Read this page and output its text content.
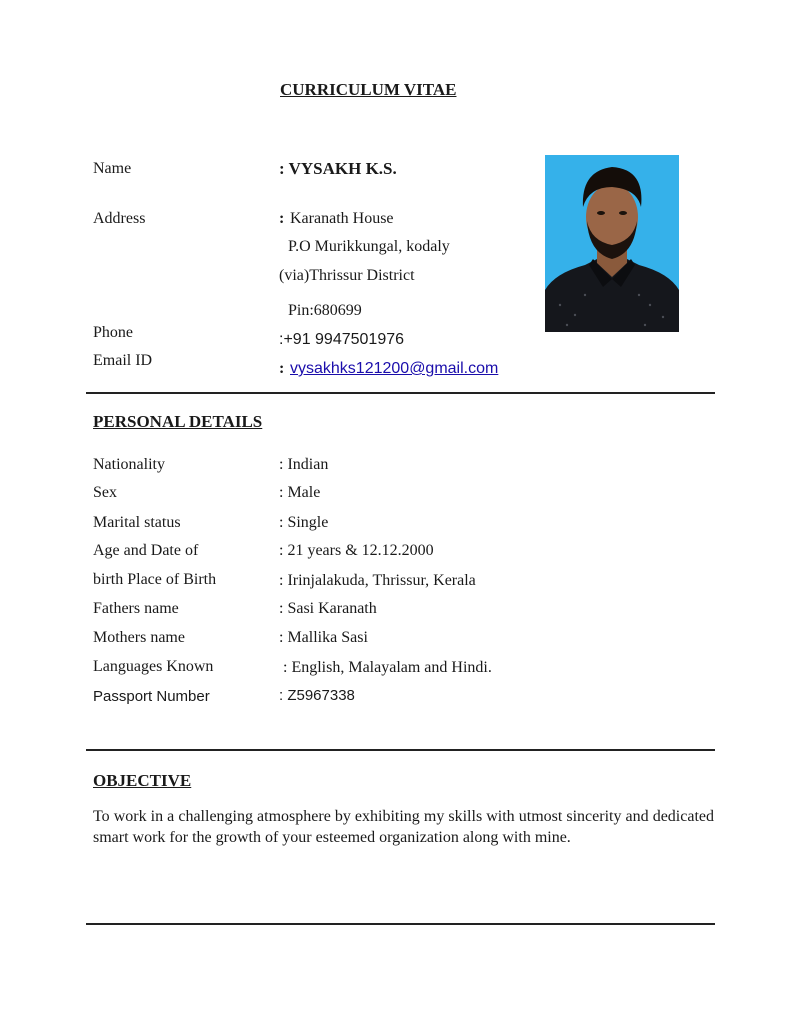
CURRICULUM VITAE
Name	: VYSAKH K.S.
Address	: Karanath House
P.O Murikkungal, kodaly
(via)Thrissur District
Pin:680699
Phone	:+91 9947501976
Email ID	: vysakhks121200@gmail.com
PERSONAL DETAILS
Nationality	: Indian
Sex	: Male
Marital status	: Single
Age and Date of	: 21 years & 12.12.2000
birth Place of Birth	: Irinjalakuda, Thrissur, Kerala
Fathers name	: Sasi Karanath
Mothers name	: Mallika Sasi
Languages Known	: English, Malayalam and Hindi.
Passport Number	: Z5967338
OBJECTIVE
To work in a challenging atmosphere by exhibiting my skills with utmost sincerity and dedicated smart work for the growth of your esteemed organization along with mine.
